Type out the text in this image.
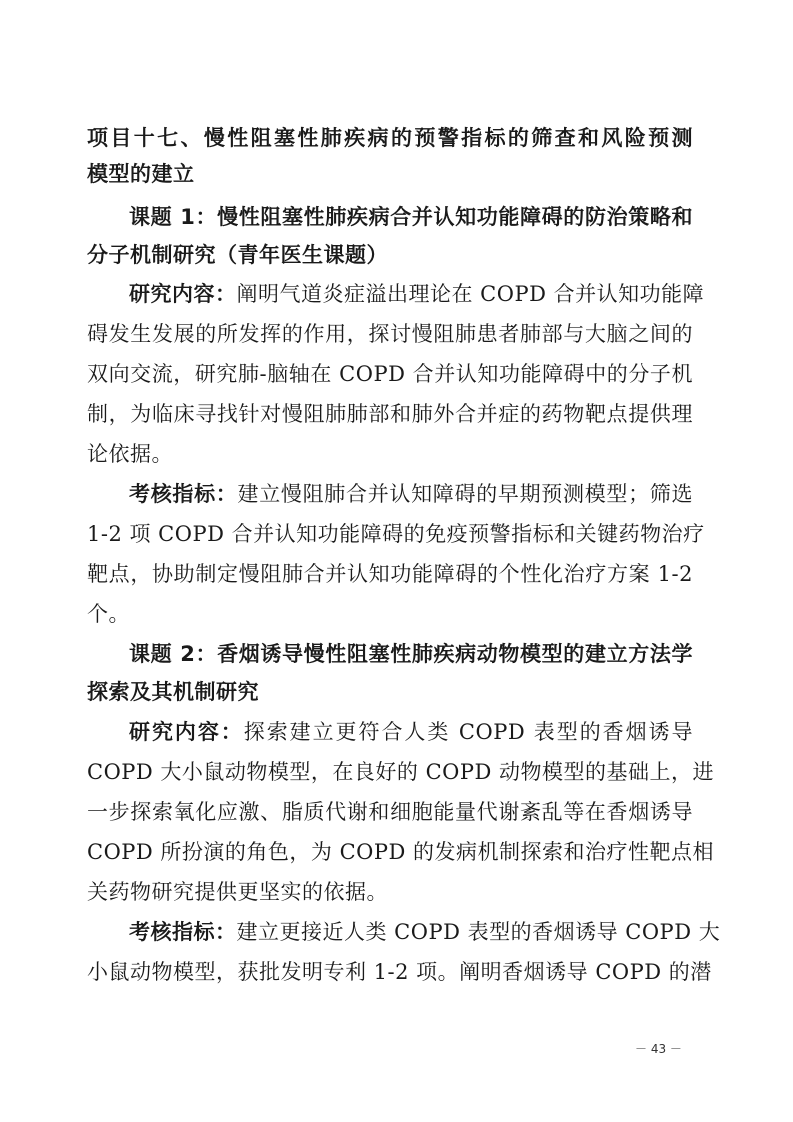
项目十七、慢性阻塞性肺疾病的预警指标的筛查和风险预测
模型的建立
课题 1：慢性阻塞性肺疾病合并认知功能障碍的防治策略和
分子机制研究（青年医生课题）
研究内容：阐明气道炎症溢出理论在 COPD 合并认知功能障
碍发生发展的所发挥的作用，探讨慢阻肺患者肺部与大脑之间的
双向交流，研究肺-脑轴在 COPD 合并认知功能障碍中的分子机
制，为临床寻找针对慢阻肺肺部和肺外合并症的药物靶点提供理
论依据。
考核指标：建立慢阻肺合并认知障碍的早期预测模型；筛选
1-2 项 COPD 合并认知功能障碍的免疫预警指标和关键药物治疗
靶点，协助制定慢阻肺合并认知功能障碍的个性化治疗方案 1-2
个。
课题 2：香烟诱导慢性阻塞性肺疾病动物模型的建立方法学
探索及其机制研究
研究内容：探索建立更符合人类 COPD 表型的香烟诱导
COPD 大小鼠动物模型，在良好的 COPD 动物模型的基础上，进
一步探索氧化应激、脂质代谢和细胞能量代谢紊乱等在香烟诱导
COPD 所扮演的角色，为 COPD 的发病机制探索和治疗性靶点相
关药物研究提供更坚实的依据。
考核指标：建立更接近人类 COPD 表型的香烟诱导 COPD 大
小鼠动物模型，获批发明专利 1-2 项。阐明香烟诱导 COPD 的潜
－ 43 －
